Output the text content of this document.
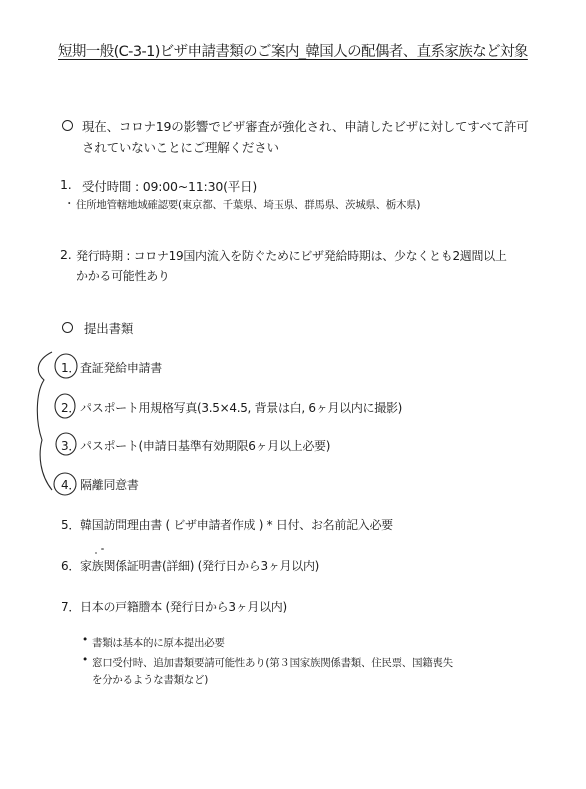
短期一般(C-3-1)ビザ申請書類のご案内_韓国人の配偶者、直系家族など対象
現在、コロナ19の影響でビザ審査が強化され、申請したビザに対してすべて許可
されていないことにご理解ください
1. 受付時間 : 09:00~11:30(平日)
・ 住所地管轄地域確認要(東京都、千葉県、埼玉県、群馬県、茨城県、栃木県)
2. 発行時期 : コロナ19国内流入を防ぐためにビザ発給時期は、少なくとも2週間以上
かかる可能性あり
提出書類
1．査証発給申請書
2．パスポート用規格写真(3.5×4.5, 背景は白, 6ヶ月以内に撮影)
3．パスポート(申請日基準有効期限6ヶ月以上必要)
4．隔離同意書
5．韓国訪問理由書 ( ビザ申請者作成 ) * 日付、お名前記入必要
6．家族関係証明書(詳細) (発行日から3ヶ月以内)
7．日本の戸籍謄本 (発行日から3ヶ月以内)
• 書類は基本的に原本提出必要
• 窓口受付時、追加書類要請可能性あり(第３国家族関係書類、住民票、国籍喪失
を分かるような書類など)
